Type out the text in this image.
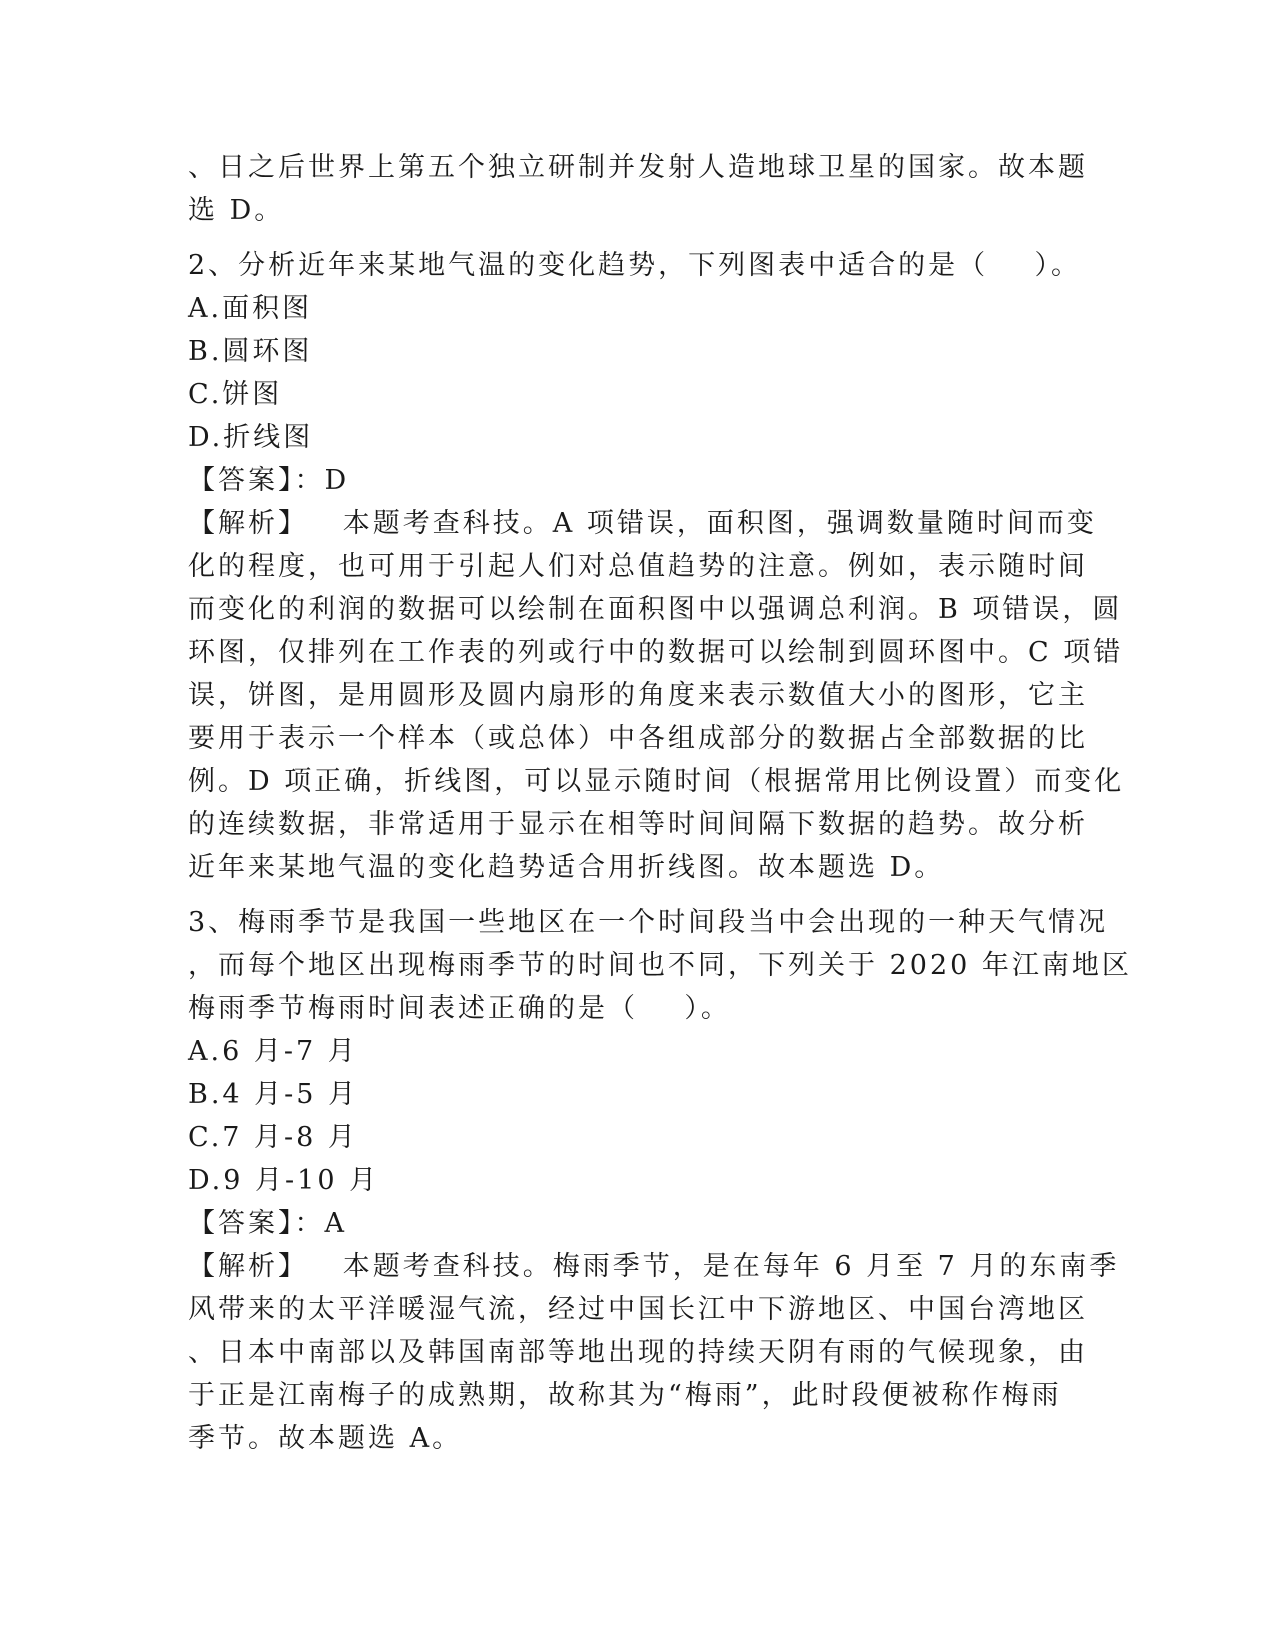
、日之后世界上第五个独立研制并发射人造地球卫星的国家。故本题
选 D。
2、分析近年来某地气温的变化趋势，下列图表中适合的是（    ）。
A.面积图
B.圆环图
C.饼图
D.折线图
【答案】：D
【解析】   本题考查科技。A 项错误，面积图，强调数量随时间而变
化的程度，也可用于引起人们对总值趋势的注意。例如，表示随时间
而变化的利润的数据可以绘制在面积图中以强调总利润。B 项错误，圆
环图，仅排列在工作表的列或行中的数据可以绘制到圆环图中。C 项错
误，饼图，是用圆形及圆内扇形的角度来表示数值大小的图形，它主
要用于表示一个样本（或总体）中各组成部分的数据占全部数据的比
例。D 项正确，折线图，可以显示随时间（根据常用比例设置）而变化
的连续数据，非常适用于显示在相等时间间隔下数据的趋势。故分析
近年来某地气温的变化趋势适合用折线图。故本题选 D。
3、梅雨季节是我国一些地区在一个时间段当中会出现的一种天气情况
，而每个地区出现梅雨季节的时间也不同，下列关于 2020 年江南地区
梅雨季节梅雨时间表述正确的是（    ）。
A.6 月-7 月
B.4 月-5 月
C.7 月-8 月
D.9 月-10 月
【答案】：A
【解析】   本题考查科技。梅雨季节，是在每年 6 月至 7 月的东南季
风带来的太平洋暖湿气流，经过中国长江中下游地区、中国台湾地区
、日本中南部以及韩国南部等地出现的持续天阴有雨的气候现象，由
于正是江南梅子的成熟期，故称其为“梅雨”，此时段便被称作梅雨
季节。故本题选 A。
